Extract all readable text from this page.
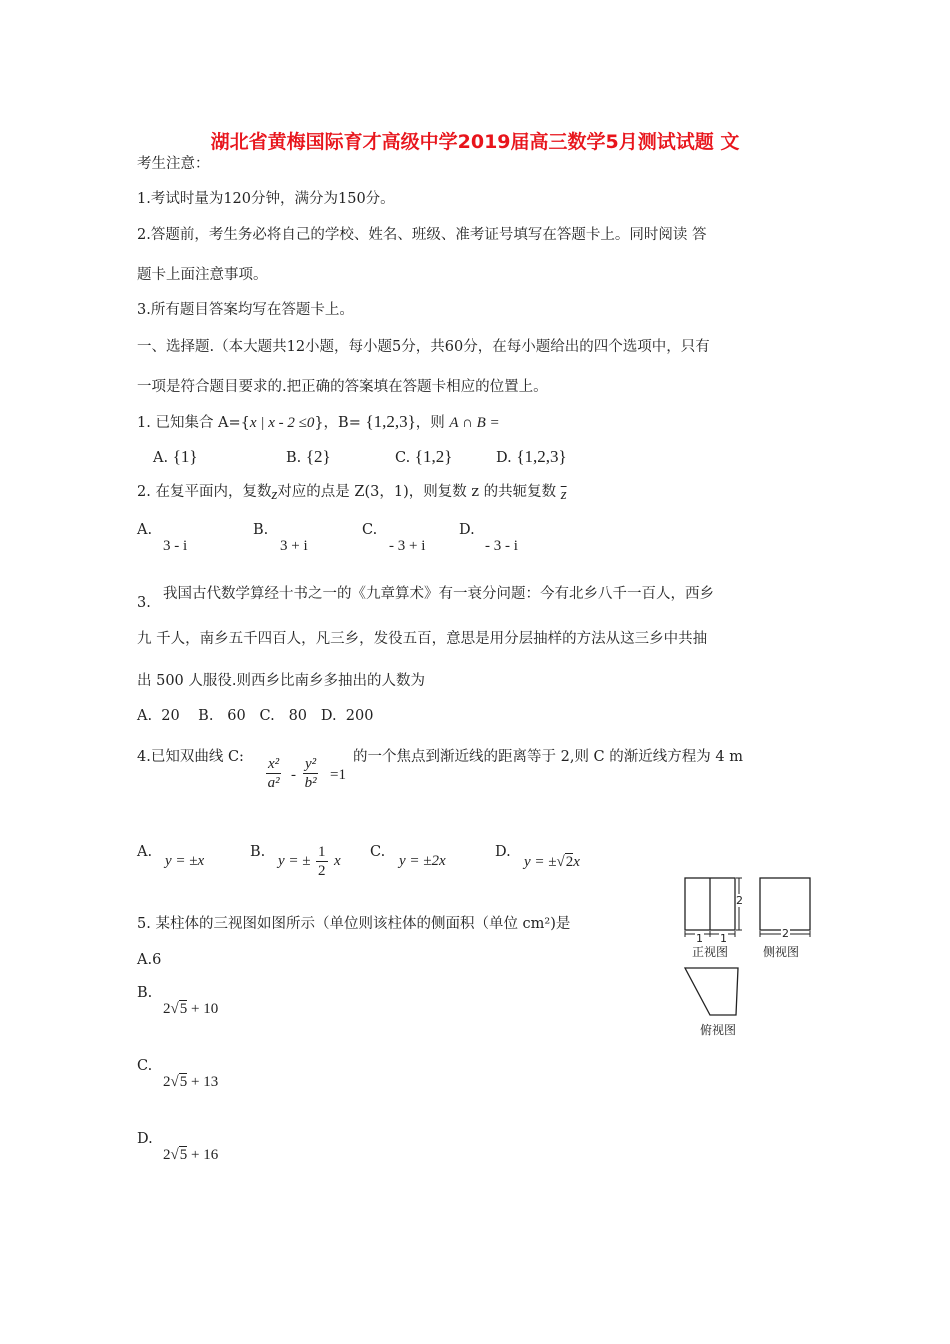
湖北省黄梅国际育才高级中学2019届高三数学5月测试试题 文
考生注意：
1.考试时量为120分钟，满分为150分。
2.答题前，考生务必将自己的学校、姓名、班级、准考证号填写在答题卡上。同时阅读 答
题卡上面注意事项。
3.所有题目答案均写在答题卡上。
一、选择题.（本大题共12小题，每小题5分，共60分，在每小题给出的四个选项中，只有
一项是符合题目要求的.把正确的答案填在答题卡相应的位置上。
1. 已知集合 A={x | x - 2 ≤0}，B= {1,2,3}，则 A ∩ B =
A. {1}	B. {2}	C. {1,2}	D. {1,2,3}
2. 在复平面内，复数z对应的点是 Z(3，1)，则复数 z 的共轭复数 $\overline{z}$
A.
3 - i
B.
3 + i
C.
- 3 + i
D.
- 3 - i
3.
我国古代数学算经十书之一的《九章算术》有一衰分问题：今有北乡八千一百人，西乡
九 千人，南乡五千四百人，凡三乡，发役五百，意思是用分层抽样的方法从这三乡中共抽
出 500 人服役.则西乡比南乡多抽出的人数为
A.  20    B.   60   C.   80   D.  200
4.已知双曲线 C: $\frac{\text{x²}}{\text{a²}} - \frac{\text{y²}}{\text{b²}} =1$
的一个焦点到渐近线的距离等于 2,则 C 的渐近线方程为 4 m
A.
y = ±x
B.
y = ± $\frac{1}{2}$ x
C.
y = ±2x
D.
y = ±√2x
5. 某柱体的三视图如图所示（单位则该柱体的侧面积（单位 cm²)是
A.6
B.
2√5 + 10
C.
2√5 + 13
D.
2√5 + 16
1 1
2
2
正视图	侧视图
俯视图
